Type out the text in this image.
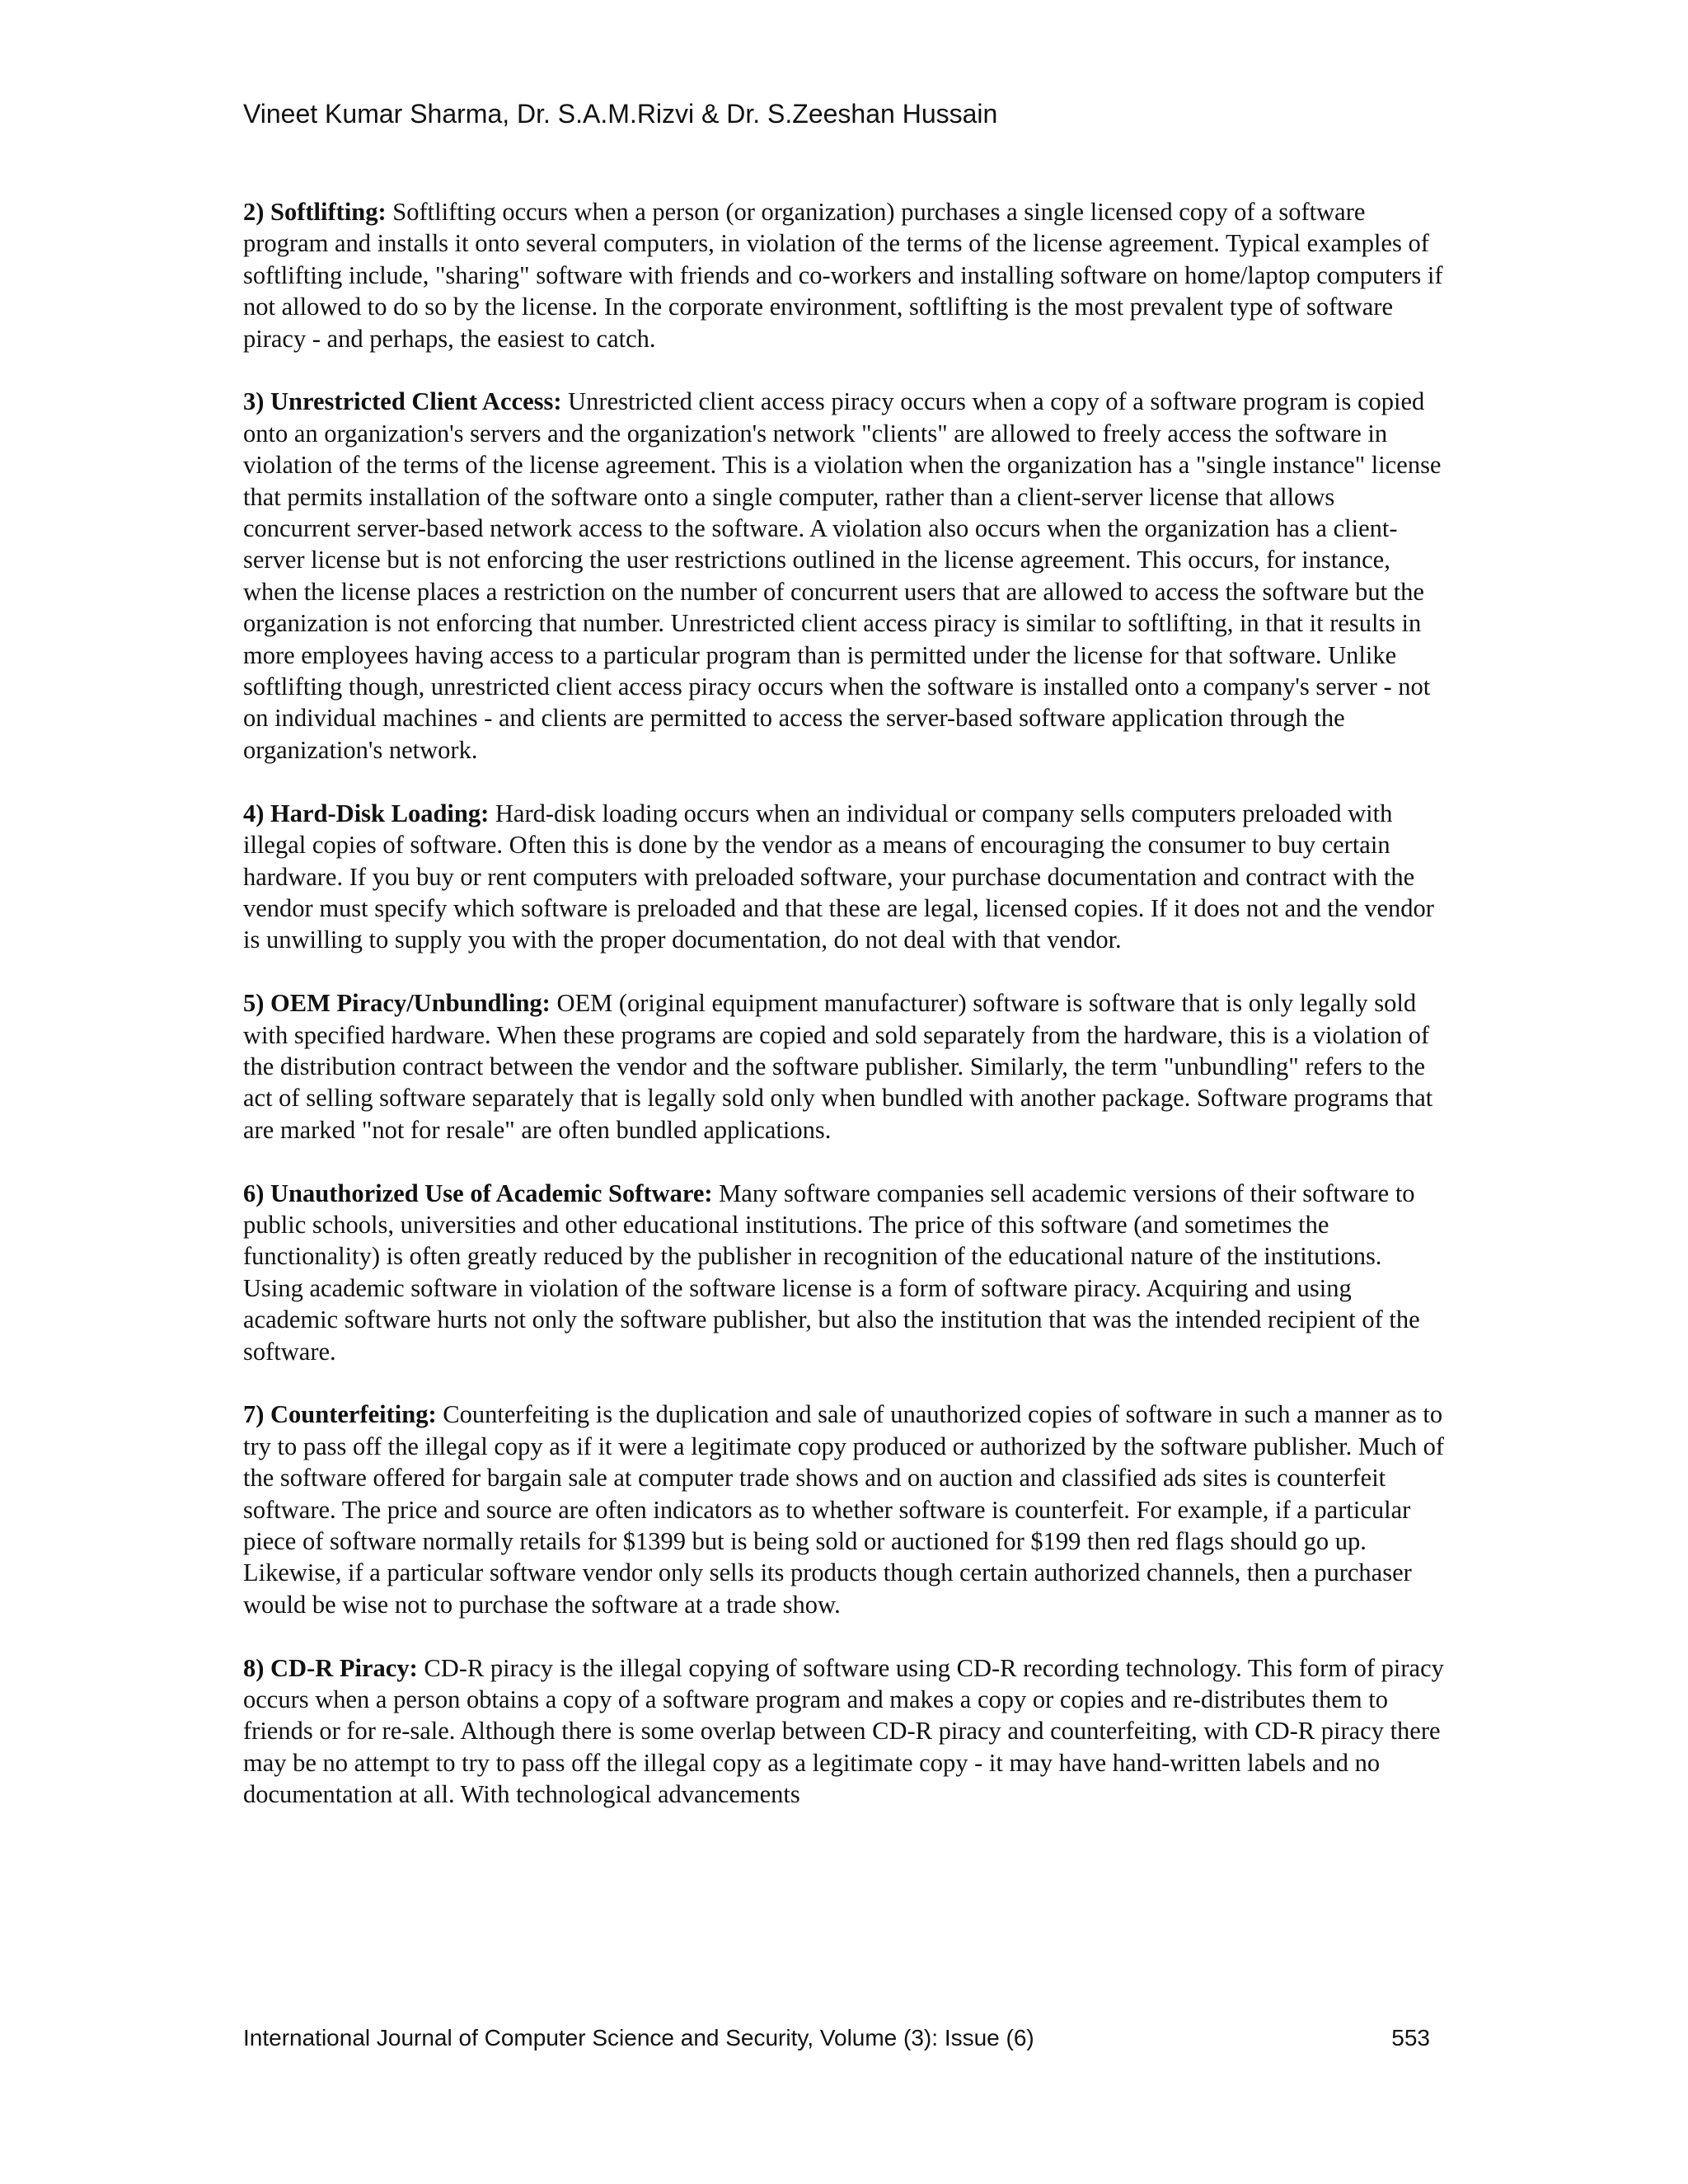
Vineet Kumar Sharma, Dr. S.A.M.Rizvi & Dr. S.Zeeshan Hussain

2) Softlifting: Softlifting occurs when a person (or organization) purchases a single licensed copy of a software program and installs it onto several computers, in violation of the terms of the license agreement. Typical examples of softlifting include, "sharing" software with friends and co-workers and installing software on home/laptop computers if not allowed to do so by the license. In the corporate environment, softlifting is the most prevalent type of software piracy - and perhaps, the easiest to catch.

3) Unrestricted Client Access: Unrestricted client access piracy occurs when a copy of a software program is copied onto an organization's servers and the organization's network "clients" are allowed to freely access the software in violation of the terms of the license agreement. This is a violation when the organization has a "single instance" license that permits installation of the software onto a single computer, rather than a client-server license that allows concurrent server-based network access to the software. A violation also occurs when the organization has a client-server license but is not enforcing the user restrictions outlined in the license agreement. This occurs, for instance, when the license places a restriction on the number of concurrent users that are allowed to access the software but the organization is not enforcing that number. Unrestricted client access piracy is similar to softlifting, in that it results in more employees having access to a particular program than is permitted under the license for that software. Unlike softlifting though, unrestricted client access piracy occurs when the software is installed onto a company's server - not on individual machines - and clients are permitted to access the server-based software application through the organization's network.

4) Hard-Disk Loading: Hard-disk loading occurs when an individual or company sells computers preloaded with illegal copies of software. Often this is done by the vendor as a means of encouraging the consumer to buy certain hardware. If you buy or rent computers with preloaded software, your purchase documentation and contract with the vendor must specify which software is preloaded and that these are legal, licensed copies. If it does not and the vendor is unwilling to supply you with the proper documentation, do not deal with that vendor.

5) OEM Piracy/Unbundling: OEM (original equipment manufacturer) software is software that is only legally sold with specified hardware. When these programs are copied and sold separately from the hardware, this is a violation of the distribution contract between the vendor and the software publisher. Similarly, the term "unbundling" refers to the act of selling software separately that is legally sold only when bundled with another package. Software programs that are marked "not for resale" are often bundled applications.

6) Unauthorized Use of Academic Software: Many software companies sell academic versions of their software to public schools, universities and other educational institutions. The price of this software (and sometimes the functionality) is often greatly reduced by the publisher in recognition of the educational nature of the institutions. Using academic software in violation of the software license is a form of software piracy. Acquiring and using academic software hurts not only the software publisher, but also the institution that was the intended recipient of the software.

7) Counterfeiting: Counterfeiting is the duplication and sale of unauthorized copies of software in such a manner as to try to pass off the illegal copy as if it were a legitimate copy produced or authorized by the software publisher. Much of the software offered for bargain sale at computer trade shows and on auction and classified ads sites is counterfeit software. The price and source are often indicators as to whether software is counterfeit. For example, if a particular piece of software normally retails for $1399 but is being sold or auctioned for $199 then red flags should go up. Likewise, if a particular software vendor only sells its products though certain authorized channels, then a purchaser would be wise not to purchase the software at a trade show.

8) CD-R Piracy: CD-R piracy is the illegal copying of software using CD-R recording technology. This form of piracy occurs when a person obtains a copy of a software program and makes a copy or copies and re-distributes them to friends or for re-sale. Although there is some overlap between CD-R piracy and counterfeiting, with CD-R piracy there may be no attempt to try to pass off the illegal copy as a legitimate copy - it may have hand-written labels and no documentation at all. With technological advancements

International Journal of Computer Science and Security, Volume (3): Issue (6)	553
